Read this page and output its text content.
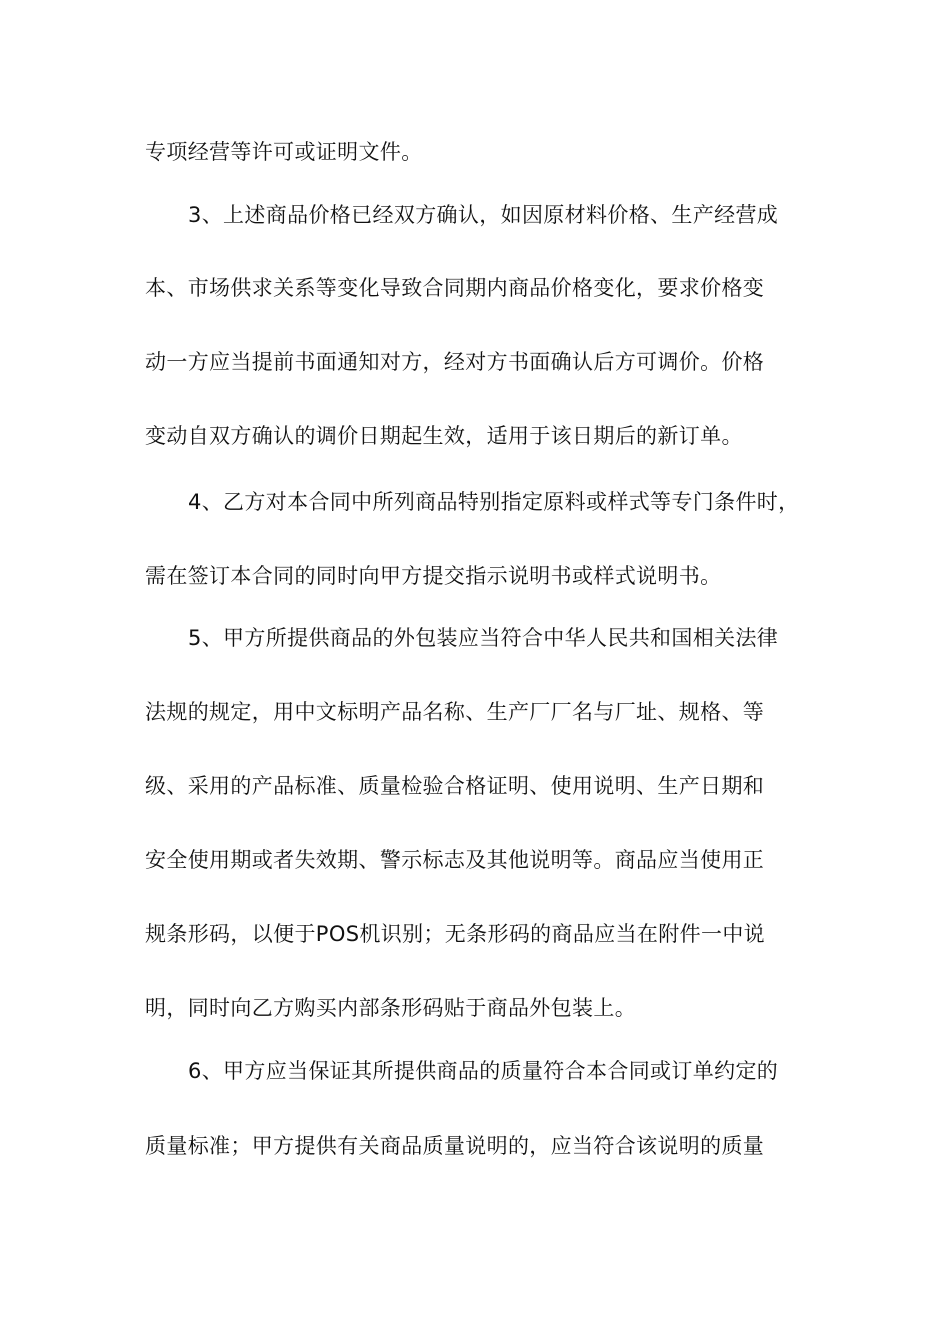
专项经营等许可或证明文件。
3、上述商品价格已经双方确认，如因原材料价格、生产经营成
本、市场供求关系等变化导致合同期内商品价格变化，要求价格变
动一方应当提前书面通知对方，经对方书面确认后方可调价。价格
变动自双方确认的调价日期起生效，适用于该日期后的新订单。
4、乙方对本合同中所列商品特别指定原料或样式等专门条件时，
需在签订本合同的同时向甲方提交指示说明书或样式说明书。
5、甲方所提供商品的外包装应当符合中华人民共和国相关法律
法规的规定，用中文标明产品名称、生产厂厂名与厂址、规格、等
级、采用的产品标准、质量检验合格证明、使用说明、生产日期和
安全使用期或者失效期、警示标志及其他说明等。商品应当使用正
规条形码，以便于POS机识别；无条形码的商品应当在附件一中说
明，同时向乙方购买内部条形码贴于商品外包装上。
6、甲方应当保证其所提供商品的质量符合本合同或订单约定的
质量标准；甲方提供有关商品质量说明的，应当符合该说明的质量
